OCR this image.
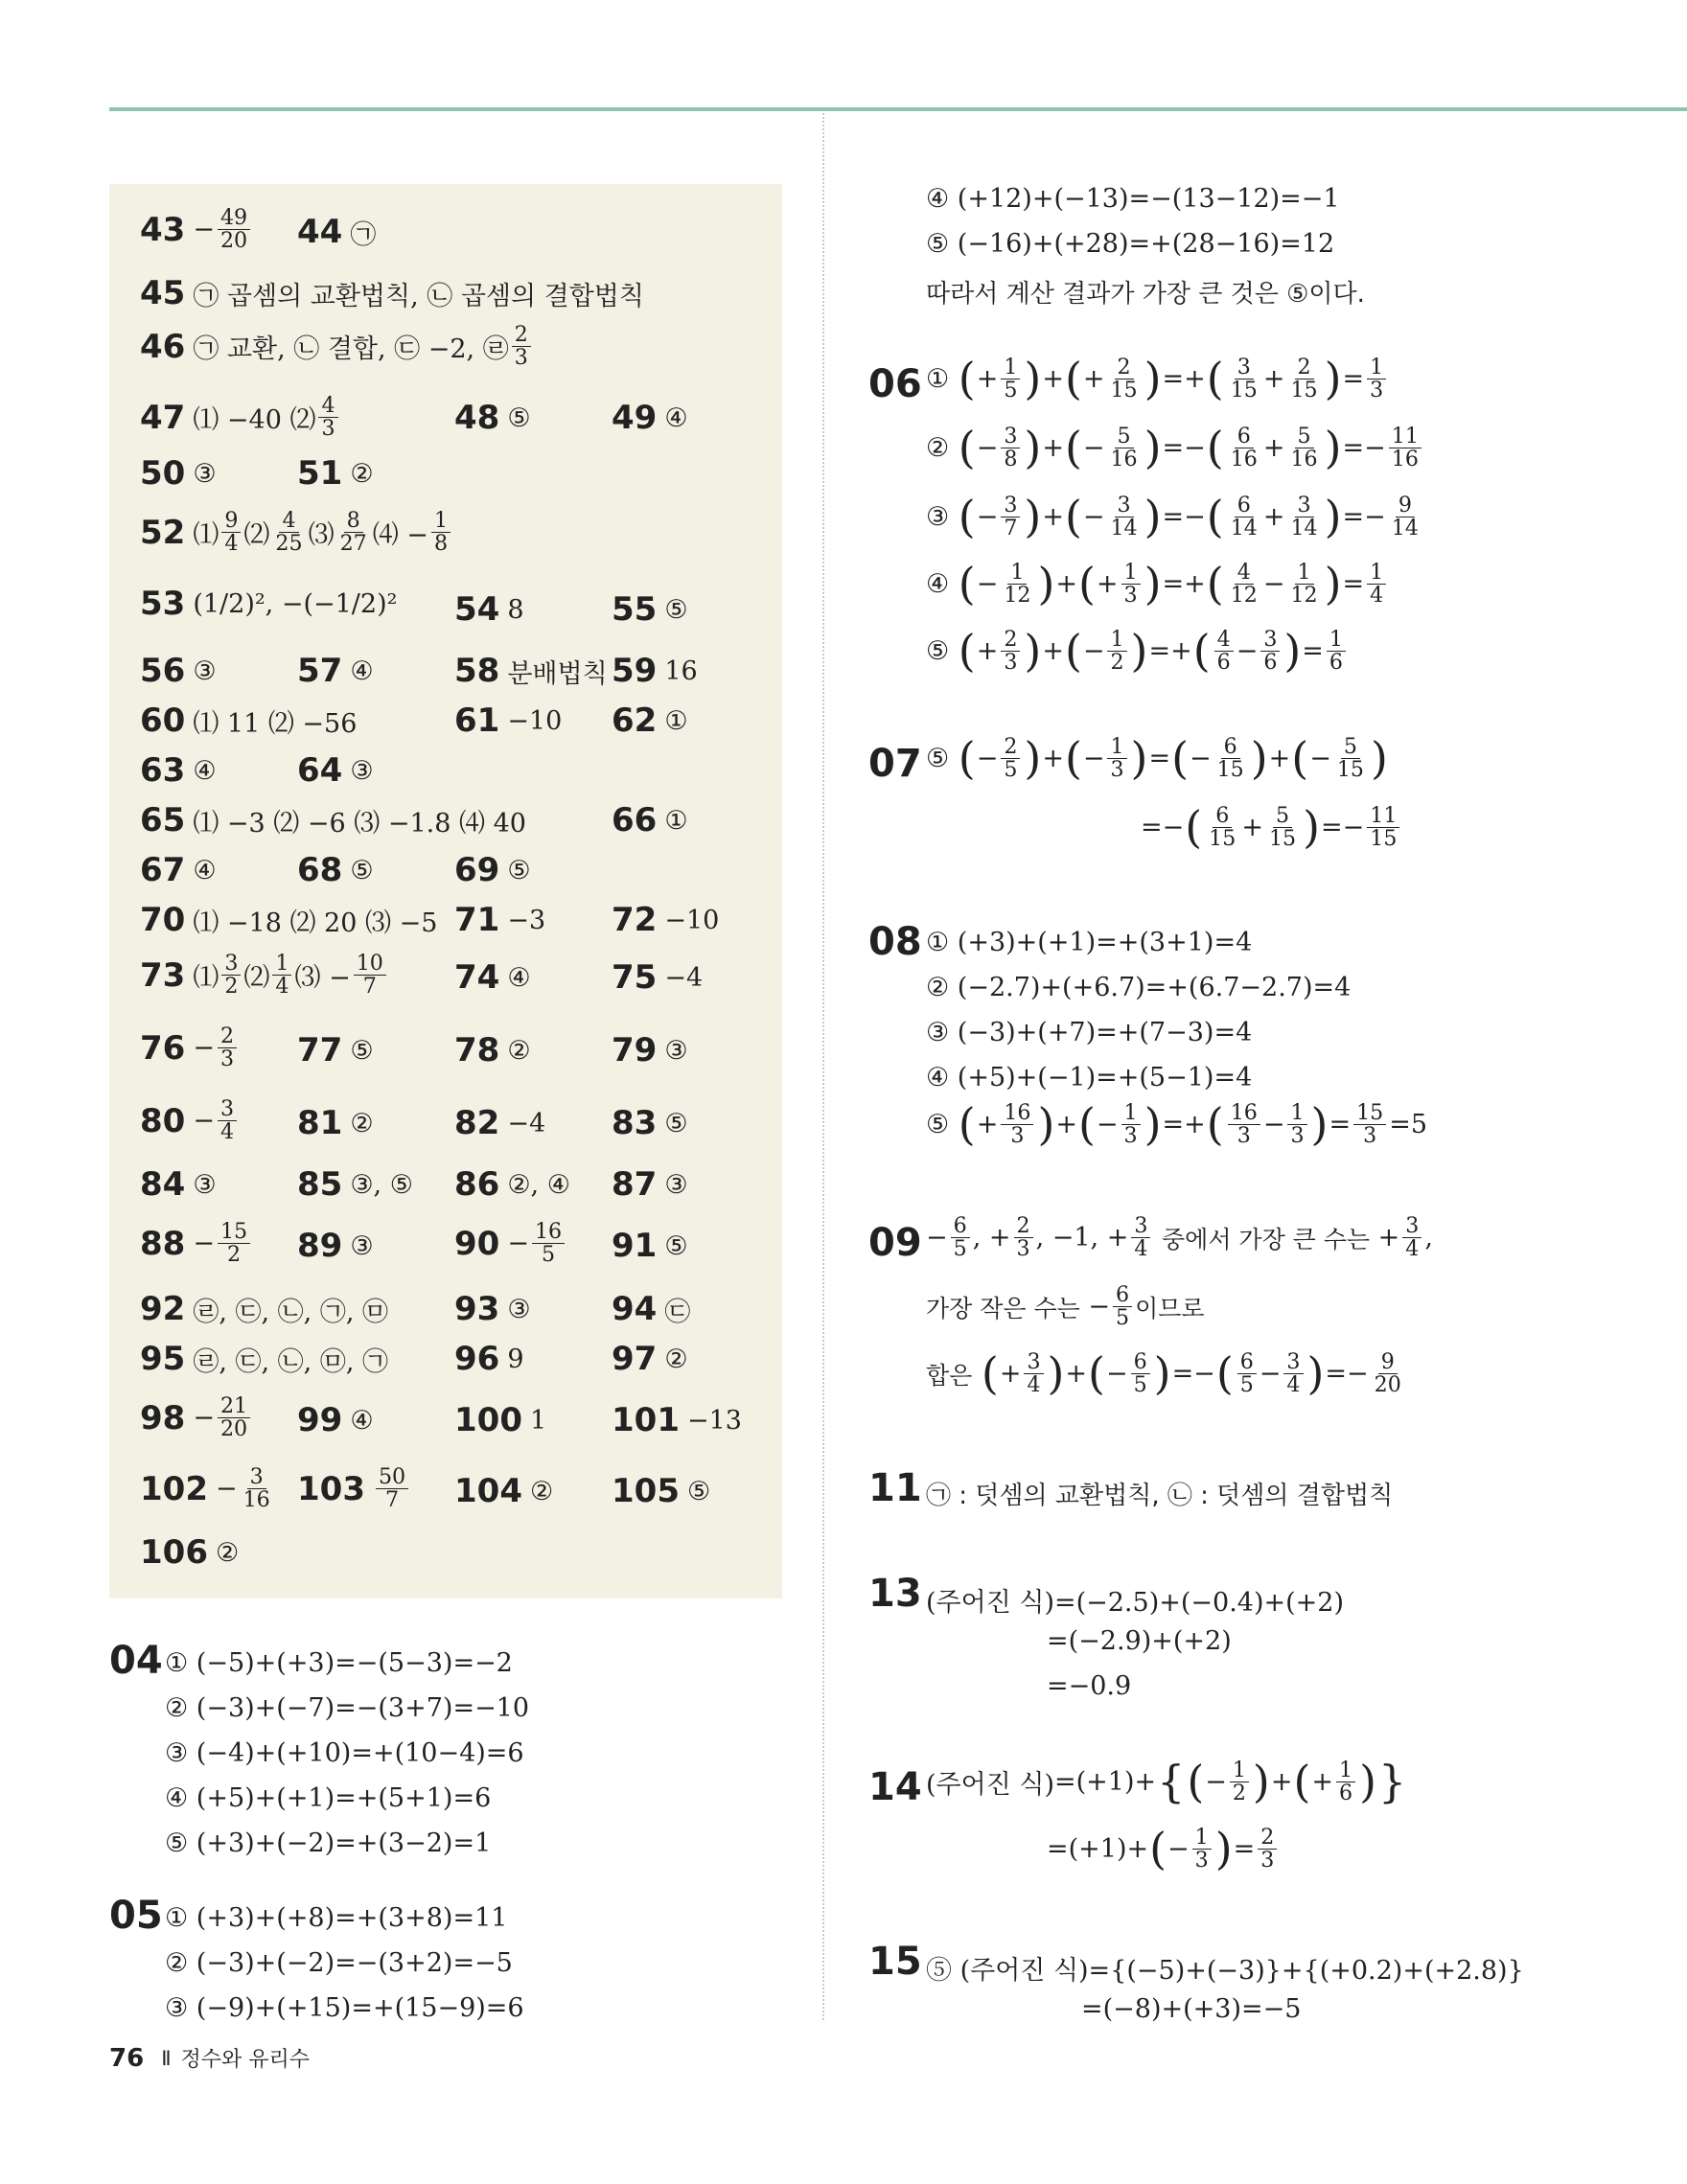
$43 - \frac{49}{20} 44$ ㉠
45 ㉠ 곱셈의 교환법칙, ㉡ 곱셈의 결합법칙
46 ㉠ 교환, ㉡ 결합, ㉢ −2, ㉣ $\frac{2}{3}$
47 ⑴ −40 ⑵ $\frac{4}{3}$	48 ⑤ 49 ④
50 ③ 51 ②
52 ⑴ $\frac{9}{4}$ ⑵ $\frac{4}{25}$ ⑶ $\frac{8}{27}$ ⑷ − $\frac{1}{8}$
53 (1/2)², −(−1/2)² 54 8	55 ⑤
56 ③ 57 ④ 58 분배법칙 59 16
60 ⑴ 11 ⑵ −56	61 −10 62 ①
63 ④ 64 ③
65 ⑴ −3 ⑵ −6 ⑶ −1.8 ⑷ 40	66 ①
67 ④ 68 ⑤ 69 ⑤
70 ⑴ −18 ⑵ 20 ⑶ −5 71 −3 72 −10
73 ⑴ $\frac{3}{2}$ ⑵ $\frac{1}{4}$ ⑶ − $\frac{10}{7} 74$ ④ 75 −4
$76 - \frac{2}{3} 77$ ⑤ 78 ② 79 ③
$80 - \frac{3}{4} 81$ ② 82 −4 83 ⑤
84 ③ 85 ③, ⑤ 86 ②, ④ 87 ③
$88 - \frac{15}{2} 89$ ③ $90 - \frac{16}{5} 91$ ⑤
92 ㉣, ㉢, ㉡, ㉠, ㉤ 93 ③ 94 ㉢
95 ㉣, ㉢, ㉡, ㉤, ㉠ 96 9	97 ②
$98 - \frac{21}{20} 99$ ④ 100 1 101 −13
$102 - \frac{3}{16} 103 \frac{50}{7} 104$ ② 105 ⑤
106 ②
04 ① (−5)+(+3)=−(5−3)=−2
② (−3)+(−7)=−(3+7)=−10
③ (−4)+(+10)=+(10−4)=6
④ (+5)+(+1)=+(5+1)=6
⑤ (+3)+(−2)=+(3−2)=1
05 ① (+3)+(+8)=+(3+8)=11
② (−3)+(−2)=−(3+2)=−5
③ (−9)+(+15)=+(15−9)=6
④ (+12)+(−13)=−(13−12)=−1
⑤ (−16)+(+28)=+(28−16)=12
따라서 계산 결과가 가장 큰 것은 ⑤이다.
06 ① ( + $\frac{1}{5}$ ) + ( + $\frac{2}{15}$ ) =+ ( $\frac{3}{15} + \frac{2}{15}$ ) = $\frac{1}{3}$
② ( − $\frac{3}{8}$ ) + ( − $\frac{5}{16}$ ) =− ( $\frac{6}{16} + \frac{5}{16}$ ) =− $\frac{11}{16}$
③ ( − $\frac{3}{7}$ ) + ( − $\frac{3}{14}$ ) =− ( $\frac{6}{14} + \frac{3}{14}$ ) =− $\frac{9}{14}$
④ ( − $\frac{1}{12}$ ) + ( + $\frac{1}{3}$ ) =+ ( $\frac{4}{12} - \frac{1}{12}$ ) = $\frac{1}{4}$
⑤ ( + $\frac{2}{3}$ ) + ( − $\frac{1}{2}$ ) =+ ( $\frac{4}{6} - \frac{3}{6}$ ) = $\frac{1}{6}$
07 ⑤ ( − $\frac{2}{5}$ ) + ( − $\frac{1}{3}$ ) = ( − $\frac{6}{15}$ ) + ( − $\frac{5}{15}$ )
=− ( $\frac{6}{15} + \frac{5}{15}$ ) =− $\frac{11}{15}$
08 ① (+3)+(+1)=+(3+1)=4
② (−2.7)+(+6.7)=+(6.7−2.7)=4
③ (−3)+(+7)=+(7−3)=4
④ (+5)+(−1)=+(5−1)=4
⑤ ( + $\frac{16}{3}$ ) + ( − $\frac{1}{3}$ ) =+ ( $\frac{16}{3} - \frac{1}{3}$ ) = $\frac{15}{3} =5$
$09 - \frac{6}{5}$ , + $\frac{2}{3}$ , −1, + $\frac{3}{4}$
중에서 가장 큰 수는 + $\frac{3}{4}$ ,
가장 작은 수는 − $\frac{6}{5}$ 이므로
합은
( + $\frac{3}{4}$ ) + ( − $\frac{6}{5}$ ) =− ( $\frac{6}{5} - \frac{3}{4}$ ) =− $\frac{9}{20}$
11 ㉠ : 덧셈의 교환법칙, ㉡ : 덧셈의 결합법칙
13 (주어진 식)=(−2.5)+(−0.4)+(+2)
=(−2.9)+(+2)
=−0.9
14 (주어진 식) =(+1)+ { ( − $\frac{1}{2}$ ) + ( + $\frac{1}{6}$ ) }
=(+1)+ ( − $\frac{1}{3}$ ) = $\frac{2}{3}$
15 ⑤ (주어진 식)={(−5)+(−3)}+{(+0.2)+(+2.8)}
=(−8)+(+3)=−5
76 Ⅱ 정수와 유리수
